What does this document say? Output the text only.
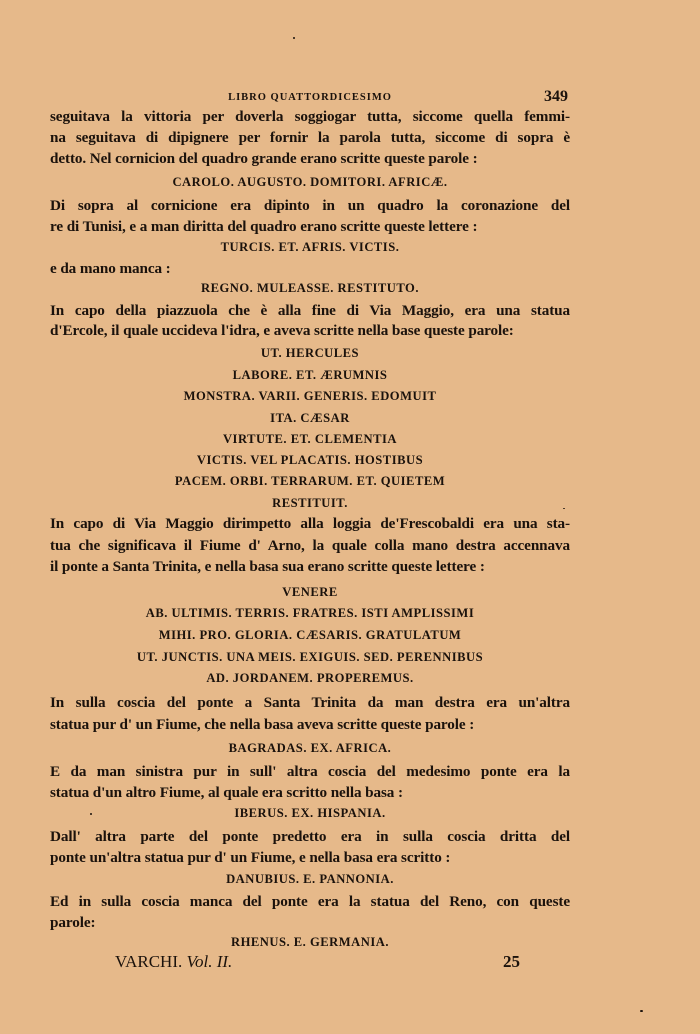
LIBRO QUATTORDICESIMO	349
seguitava la vittoria per doverla soggiogar tutta, siccome quella femmi-
na seguitava di dipignere per fornir la parola tutta, siccome di sopra è
detto. Nel cornicion del quadro grande erano scritte queste parole :
CAROLO. AUGUSTO. DOMITORI. AFRICÆ.
Di sopra al cornicione era dipinto in un quadro la coronazione del
re di Tunisi, e a man diritta del quadro erano scritte queste lettere :
TURCIS. ET. AFRIS. VICTIS.
e da mano manca :
REGNO. MULEASSE. RESTITUTO.
In capo della piazzuola che è alla fine di Via Maggio, era una statua
d'Ercole, il quale uccideva l'idra, e aveva scritte nella base queste parole:
UT. HERCULES
LABORE. ET. ÆRUMNIS
MONSTRA. VARII. GENERIS. EDOMUIT
ITA. CÆSAR
VIRTUTE. ET. CLEMENTIA
VICTIS. VEL PLACATIS. HOSTIBUS
PACEM. ORBI. TERRARUM. ET. QUIETEM
RESTITUIT.
In capo di Via Maggio dirimpetto alla loggia de'Frescobaldi era una sta-
tua che significava il Fiume d' Arno, la quale colla mano destra accennava
il ponte a Santa Trinita, e nella basa sua erano scritte queste lettere :
VENERE
AB. ULTIMIS. TERRIS. FRATRES. ISTI AMPLISSIMI
MIHI. PRO. GLORIA. CÆSARIS. GRATULATUM
UT. JUNCTIS. UNA MEIS. EXIGUIS. SED. PERENNIBUS
AD. JORDANEM. PROPEREMUS.
In sulla coscia del ponte a Santa Trinita da man destra era un'altra
statua pur d' un Fiume, che nella basa aveva scritte queste parole :
BAGRADAS. EX. AFRICA.
E da man sinistra pur in sull' altra coscia del medesimo ponte era la
statua d'un altro Fiume, al quale era scritto nella basa :
IBERUS. EX. HISPANIA.
Dall' altra parte del ponte predetto era in sulla coscia dritta del
ponte un'altra statua pur d' un Fiume, e nella basa era scritto :
DANUBIUS. E. PANNONIA.
Ed in sulla coscia manca del ponte era la statua del Reno, con queste
parole:
RHENUS. E. GERMANIA.
VARCHI. Vol. II.	25
